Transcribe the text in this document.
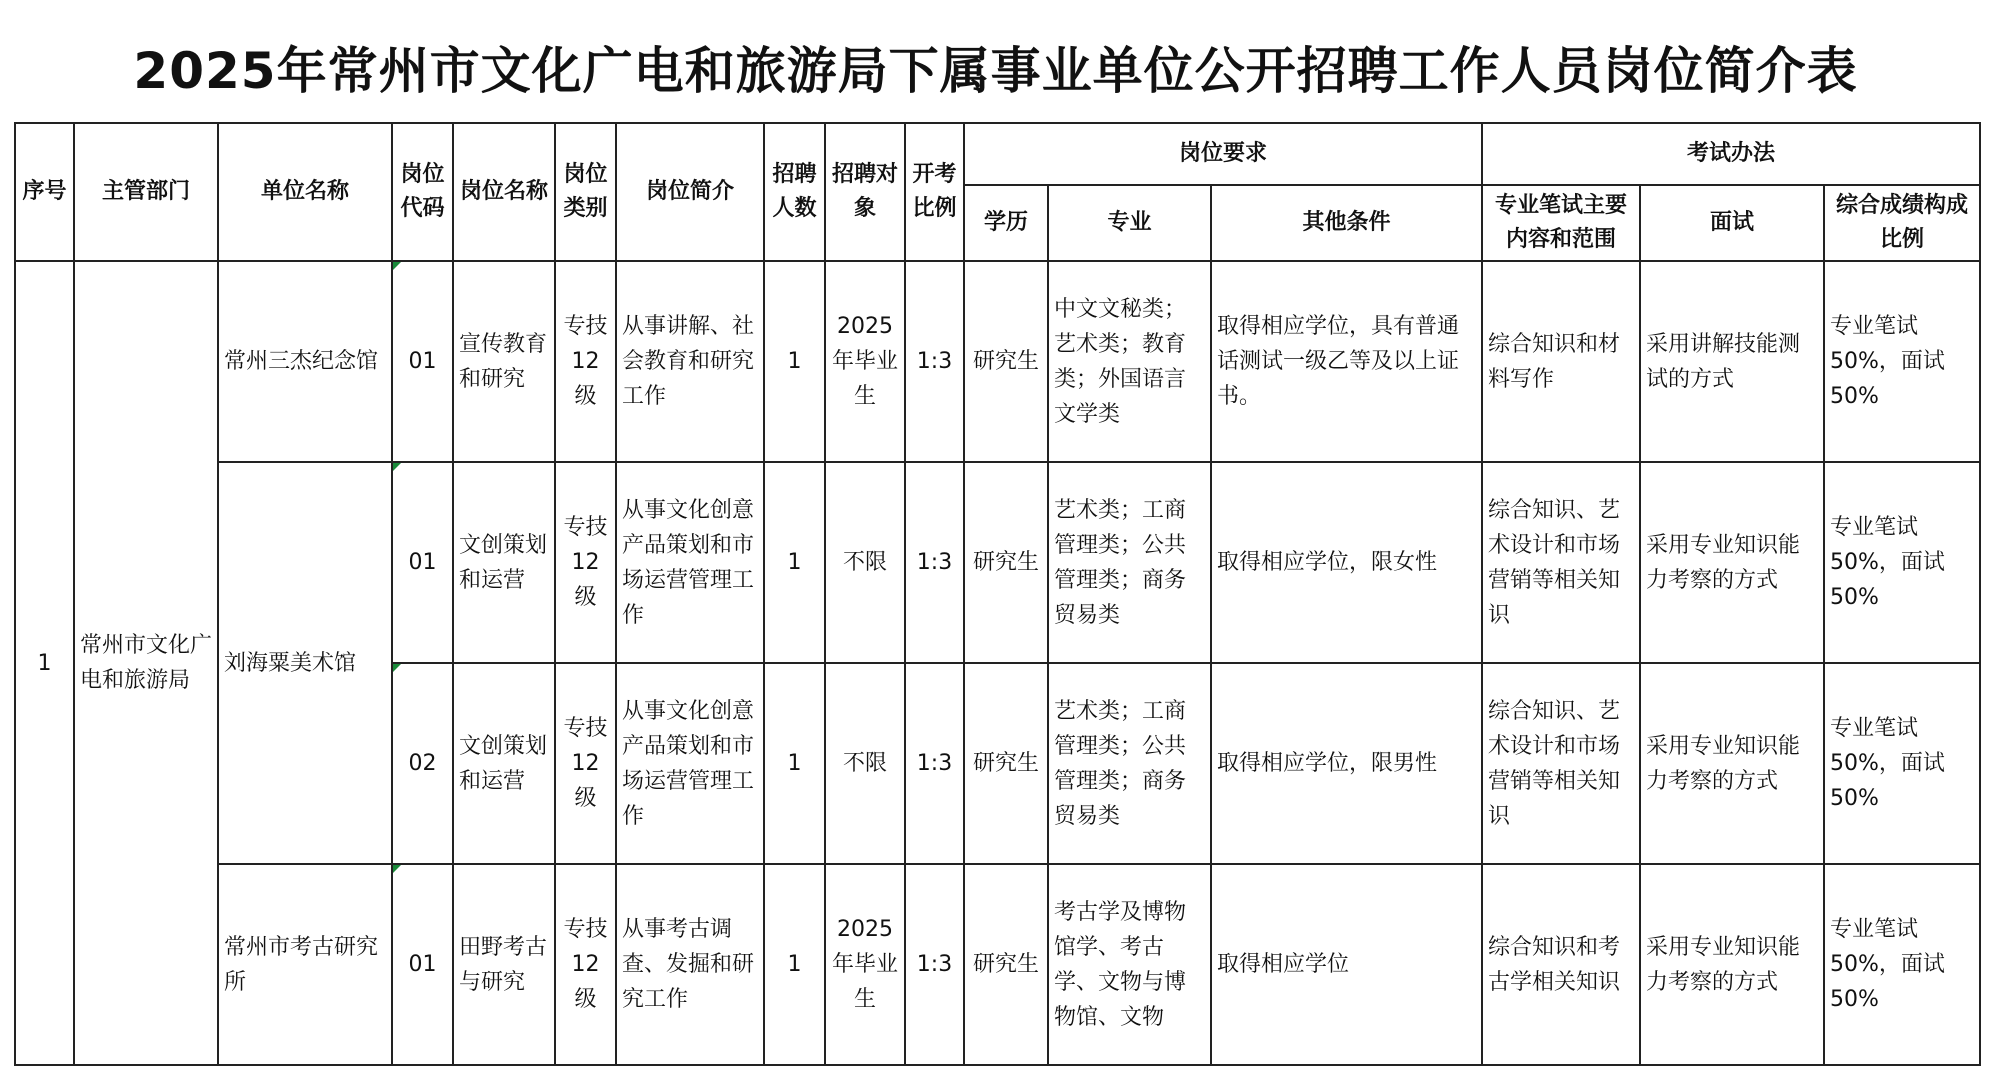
2025年常州市文化广电和旅游局下属事业单位公开招聘工作人员岗位简介表
序号	主管部门	单位名称	岗位代码	岗位名称	岗位类别	岗位简介	招聘人数	招聘对象	开考比例	岗位要求			考试办法		
										学历	专业	其他条件	专业笔试主要内容和范围	面试	综合成绩构成比例
1	常州市文化广电和旅游局	常州三杰纪念馆	01	宣传教育和研究	专技12级	从事讲解、社会教育和研究工作	1	2025年毕业生	1:3	研究生	中文文秘类；艺术类；教育类；外国语言文学类	取得相应学位，具有普通话测试一级乙等及以上证书。	综合知识和材料写作	采用讲解技能测试的方式	专业笔试50%，面试50%
		刘海粟美术馆	01	文创策划和运营	专技12级	从事文化创意产品策划和市场运营管理工作	1	不限	1:3	研究生	艺术类；工商管理类；公共管理类；商务贸易类	取得相应学位，限女性	综合知识、艺术设计和市场营销等相关知识	采用专业知识能力考察的方式	专业笔试50%，面试50%
			02	文创策划和运营	专技12级	从事文化创意产品策划和市场运营管理工作	1	不限	1:3	研究生	艺术类；工商管理类；公共管理类；商务贸易类	取得相应学位，限男性	综合知识、艺术设计和市场营销等相关知识	采用专业知识能力考察的方式	专业笔试50%，面试50%
		常州市考古研究所	01	田野考古与研究	专技12级	从事考古调查、发掘和研究工作	1	2025年毕业生	1:3	研究生	考古学及博物馆学、考古学、文物与博物馆、文物	取得相应学位	综合知识和考古学相关知识	采用专业知识能力考察的方式	专业笔试50%，面试50%
